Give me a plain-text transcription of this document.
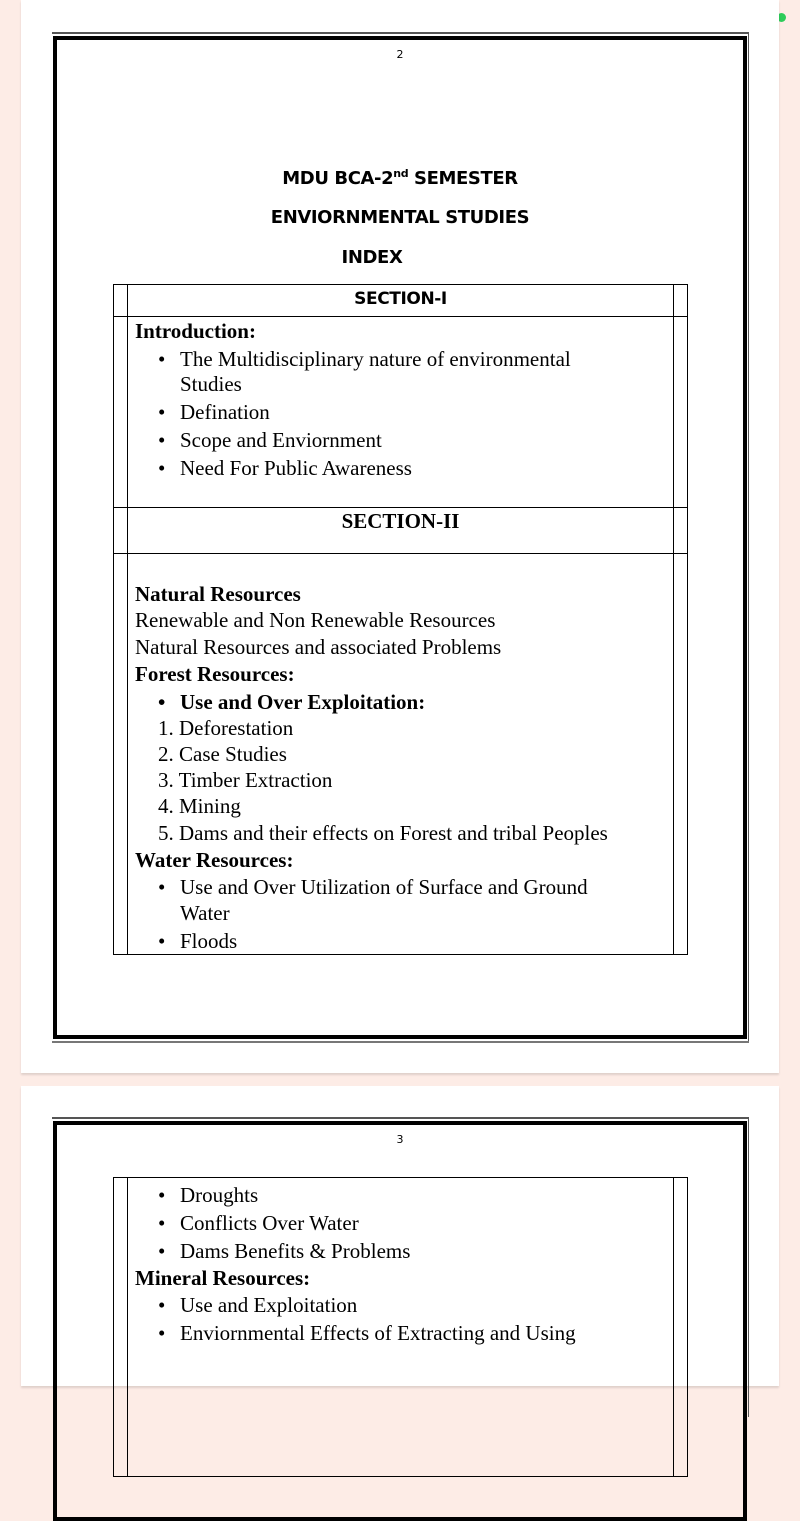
2
MDU BCA-2nd SEMESTER
ENVIORNMENTAL STUDIES
INDEX
SECTION-I
Introduction:
• The Multidisciplinary nature of environmental
Studies
• Defination
• Scope and Enviornment
• Need For Public Awareness
SECTION-II
Natural Resources
Renewable and Non Renewable Resources
Natural Resources and associated Problems
Forest Resources:
• Use and Over Exploitation:
1. Deforestation
2. Case Studies
3. Timber Extraction
4. Mining
5. Dams and their effects on Forest and tribal Peoples
Water Resources:
• Use and Over Utilization of Surface and Ground
Water
• Floods
3
• Droughts
• Conflicts Over Water
• Dams Benefits & Problems
Mineral Resources:
• Use and Exploitation
• Enviornmental Effects of Extracting and Using
